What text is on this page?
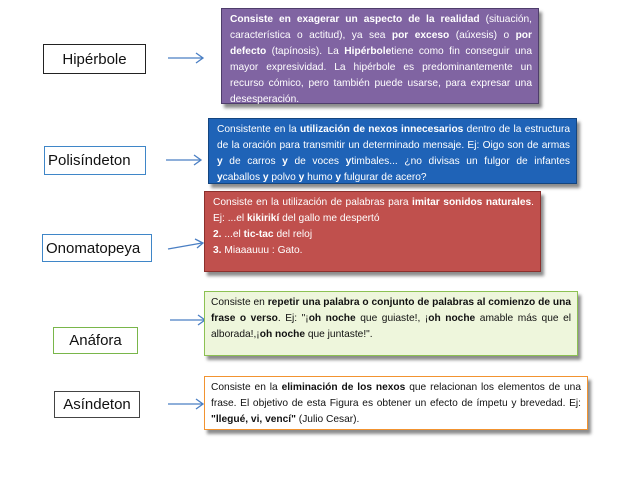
Hipérbole
Consiste en exagerar un aspecto de la realidad (situación, característica o actitud), ya sea por exceso (aúxesis) o por defecto (tapínosis). La Hipérboletiene como fin conseguir una mayor expresividad. La hipérbole es predominantemente un recurso cómico, pero también puede usarse, para expresar una desesperación.
Polisíndeton
Consistente en la utilización de nexos innecesarios dentro de la estructura de la oración para transmitir un determinado mensaje. Ej: Oigo son de armas y de carros y de voces ytimbales... ¿no divisas un fulgor de infantes ycaballos y polvo y humo y fulgurar de acero?
Onomatopeya
Consiste en la utilización de palabras para imitar sonidos naturales. Ej: ...el kikirikí del gallo me despertó
2. ...el tic-tac del reloj
3. Miaaauuu : Gato.
Anáfora
Consiste en repetir una palabra o conjunto de palabras al comienzo de una frase o verso. Ej: "¡oh noche que guiaste!, ¡oh noche amable más que el alborada!,¡oh noche que juntaste!".
Asíndeton
Consiste en la eliminación de los nexos que relacionan los elementos de una frase. El objetivo de esta Figura es obtener un efecto de ímpetu y brevedad. Ej: "llegué, vi, vencí" (Julio Cesar).
